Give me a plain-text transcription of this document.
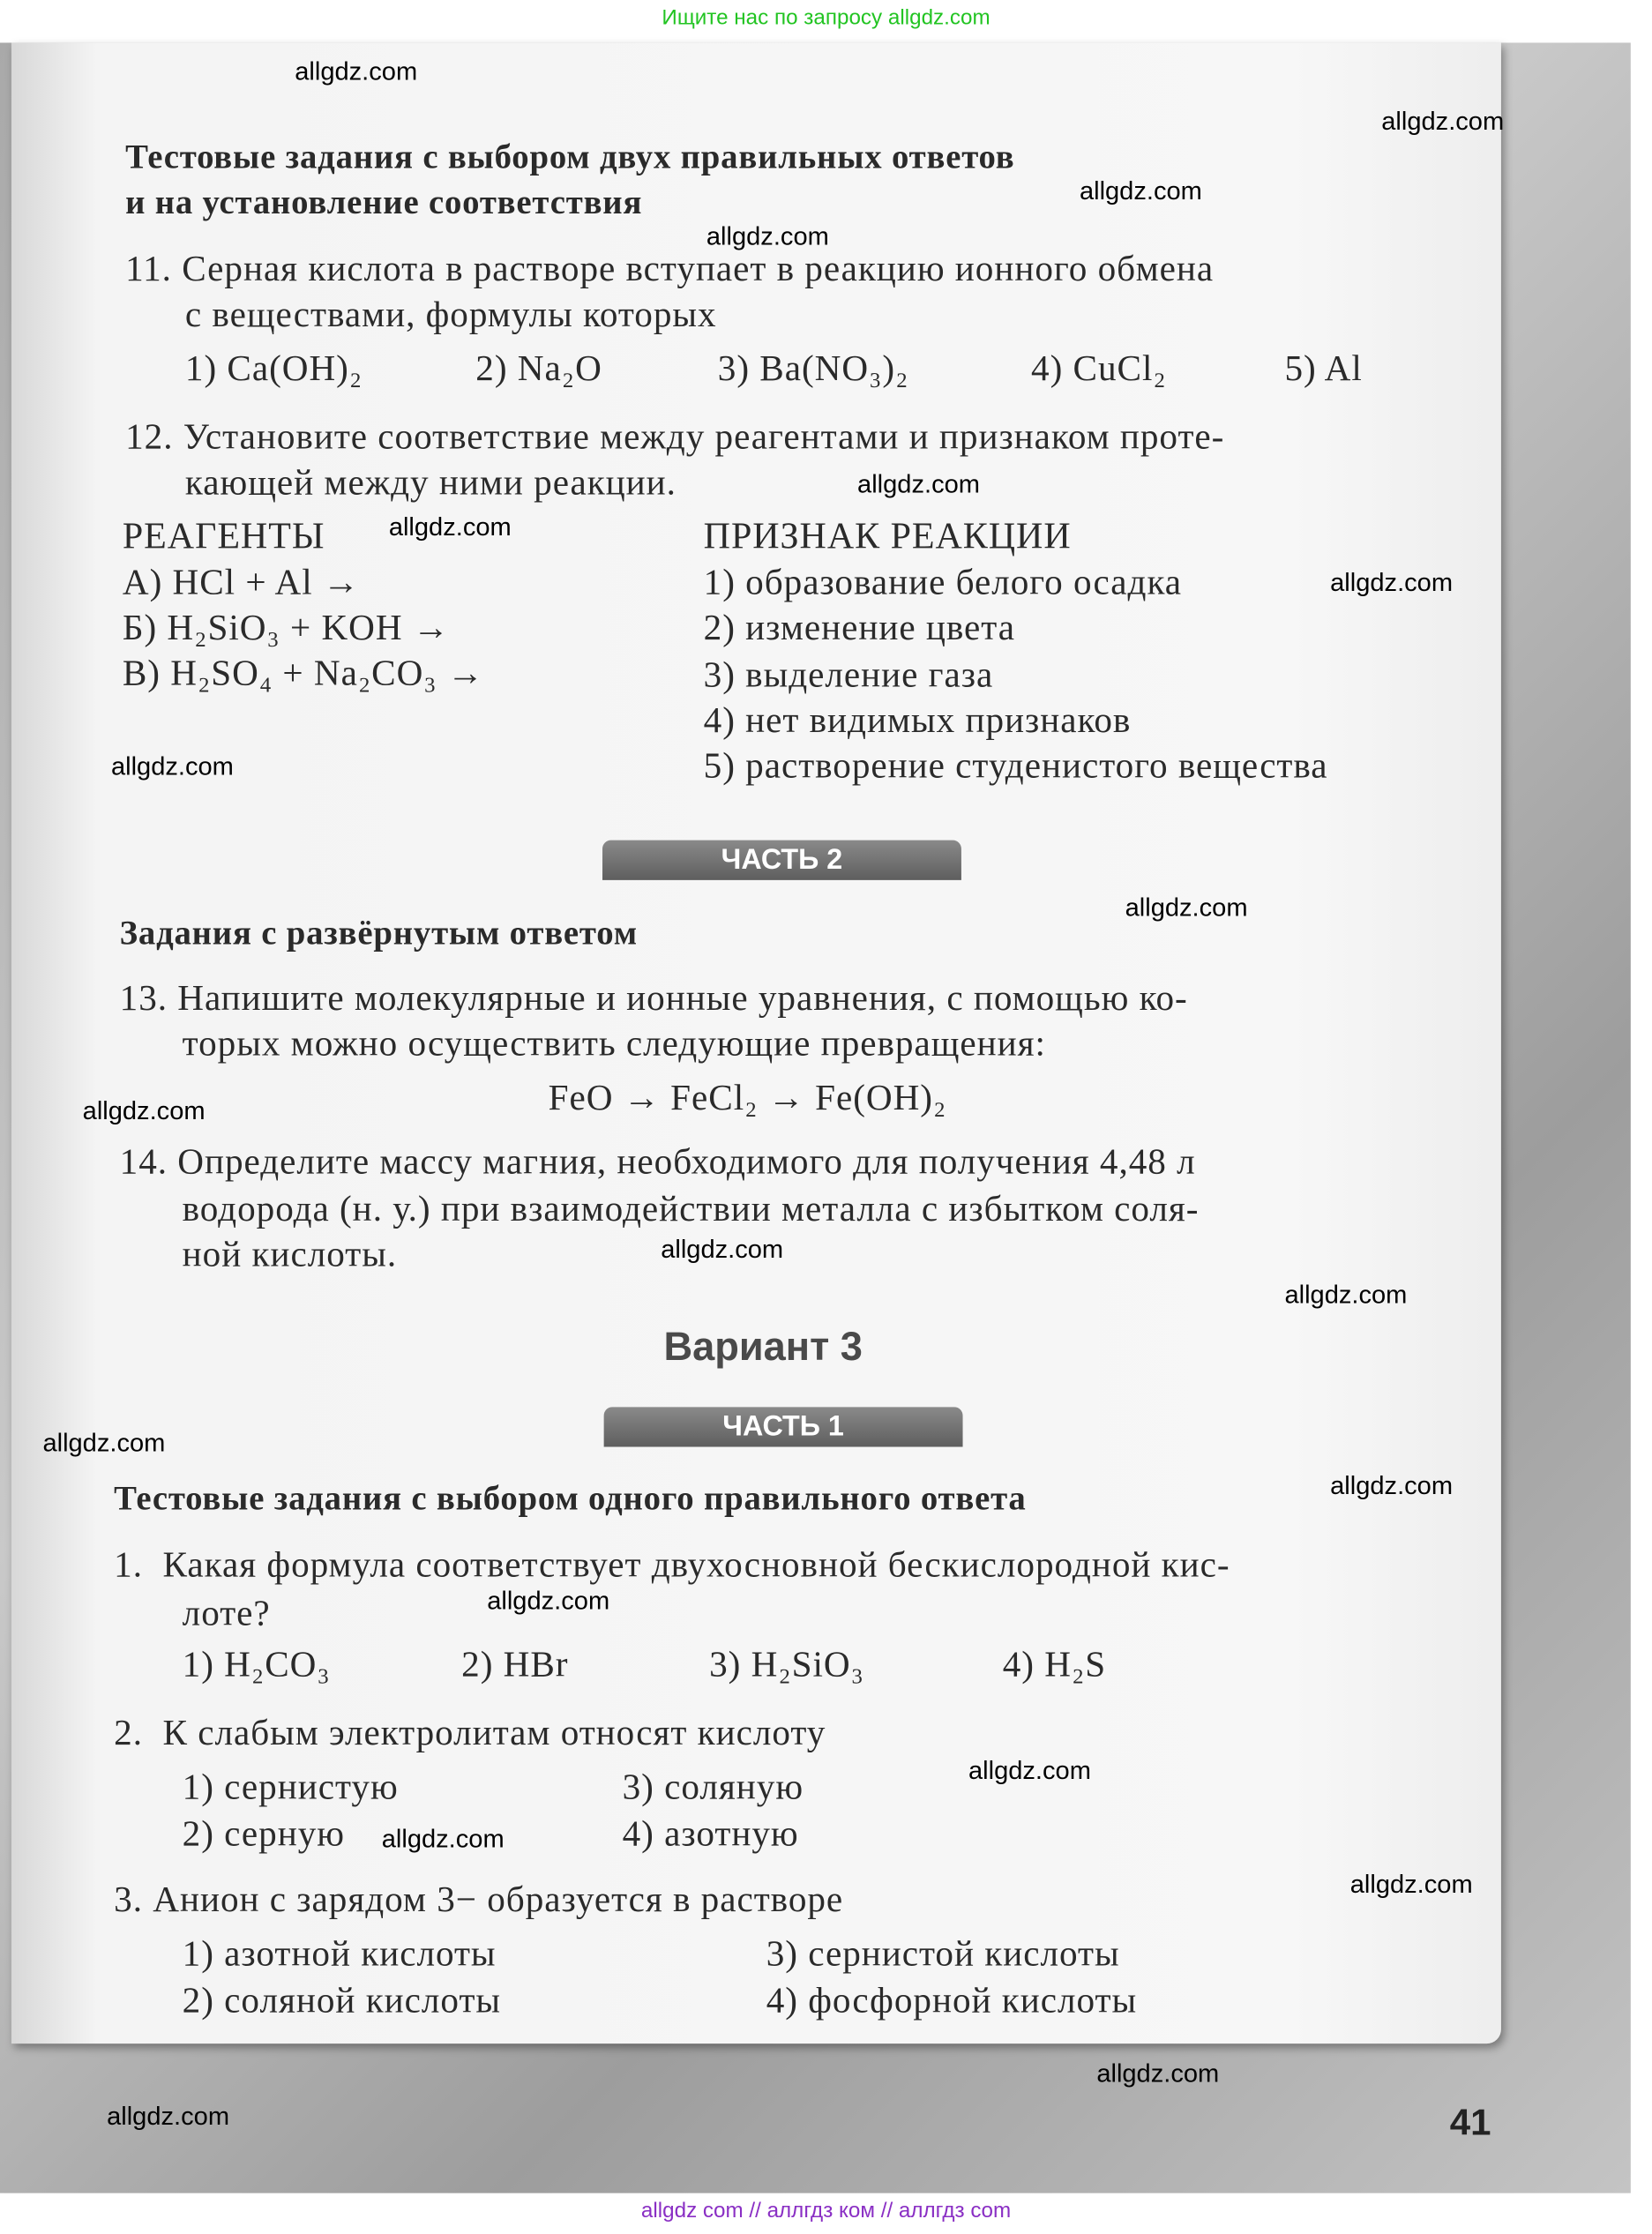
Ищите нас по запросу allgdz.com
Тестовые задания с выбором двух правильных ответов
и на установление соответствия
11. Серная кислота в растворе вступает в реакцию ионного обмена
с веществами, формулы которых
1) Ca(OH)₂	2) Na₂O	3) Ba(NO₃)₂	4) CuCl₂	5) Al
12. Установите соответствие между реагентами и признаком проте-
кающей между ними реакции.
РЕАГЕНТЫ	ПРИЗНАК РЕАКЦИИ
А) HCl + Al →
Б) H₂SiO₃ + KOH →
В) H₂SO₄ + Na₂CO₃ →
1) образование белого осадка
2) изменение цвета
3) выделение газа
4) нет видимых признаков
5) растворение студенистого вещества
ЧАСТЬ 2
Задания с развёрнутым ответом
13. Напишите молекулярные и ионные уравнения, с помощью ко-
торых можно осуществить следующие превращения:
FeO → FeCl₂ → Fe(OH)₂
14. Определите массу магния, необходимого для получения 4,48 л
водорода (н. у.) при взаимодействии металла с избытком соля-
ной кислоты.
Вариант 3
ЧАСТЬ 1
Тестовые задания с выбором одного правильного ответа
1.  Какая формула соответствует двухосновной бескислородной кис-
лоте?
1) H₂CO₃	2) HBr	3) H₂SiO₃	4) H₂S
2.  К слабым электролитам относят кислоту
1) сернистую
2) серную
3) соляную
4) азотную
3. Анион с зарядом 3− образуется в растворе
1) азотной кислоты
2) соляной кислоты
3) сернистой кислоты
4) фосфорной кислоты
41
allgdz.com
allgdz.com
allgdz.com
allgdz.com
allgdz.com
allgdz.com
allgdz.com
allgdz.com
allgdz.com
allgdz.com
allgdz.com
allgdz.com
allgdz.com
allgdz.com
allgdz.com
allgdz.com
allgdz.com
allgdz.com
allgdz.com
allgdz.com
allgdz com // аллгдз ком // аллгдз com
